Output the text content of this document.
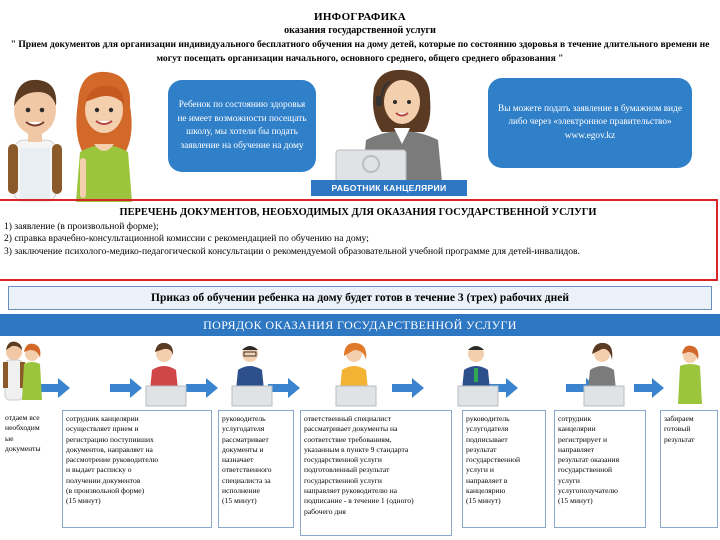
ИНФОГРАФИКА
оказания государственной услуги
" Прием документов для организации индивидуального бесплатного обучения на дому детей, которые по состоянию здоровья в течение длительного времени не могут посещать организации начального, основного среднего, общего среднего образования "
Ребенок по состоянию здоровья не имеет возможности посещать школу, мы хотели бы подать заявление на обучение на дому
Вы можете подать заявление в бумажном виде либо через «электронное правительство» www.egov.kz
РАБОТНИК КАНЦЕЛЯРИИ
ПЕРЕЧЕНЬ ДОКУМЕНТОВ, НЕОБХОДИМЫХ ДЛЯ ОКАЗАНИЯ ГОСУДАРСТВЕННОЙ УСЛУГИ
1) заявление (в произвольной форме);
2) справка врачебно-консультационной комиссии с рекомендацией по обучению на дому;
3) заключение психолого-медико-педагогической консультации о рекомендуемой образовательной учебной программе для детей-инвалидов.
Приказ об обучении ребенка на дому будет готов в течение 3 (трех) рабочих дней
ПОРЯДОК ОКАЗАНИЯ ГОСУДАРСТВЕННОЙ УСЛУГИ
отдаем все
необходим
ые
документы
сотрудник канцелярии
осуществляет прием и
регистрацию поступивших
документов, направляет на
рассмотрение руководителю
и выдает расписку о
получении документов
(в произвольной форме)
(15 минут)
руководитель
услугодателя
рассматривает
документы и
назначает
ответственного
специалиста за
исполнение
(15 минут)
ответственный специалист
рассматривает документы на
соответствие требованиям,
указанным в пункте 9 стандарта
государственной услуги
подготовленный результат
государственной услуги
направляет руководителю на
подписание - в течение 1 (одного)
рабочего дня
руководитель
услугодателя
подписывает
результат
государственной
услуги и
направляет в
канцелярию
(15 минут)
сотрудник
канцелярии
регистрирует и
направляет
результат оказания
государственной
услуги
услугополучателю
(15 минут)
забираем
готовый
результат
